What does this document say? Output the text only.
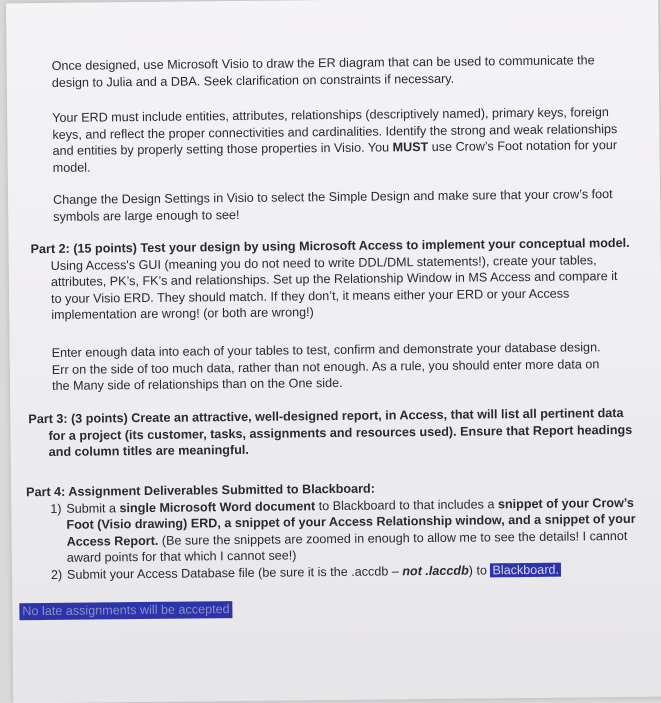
Once designed, use Microsoft Visio to draw the ER diagram that can be used to communicate the design to Julia and a DBA. Seek clarification on constraints if necessary.
Your ERD must include entities, attributes, relationships (descriptively named), primary keys, foreign keys, and reflect the proper connectivities and cardinalities. Identify the strong and weak relationships and entities by properly setting those properties in Visio. You MUST use Crow’s Foot notation for your model.
Change the Design Settings in Visio to select the Simple Design and make sure that your crow’s foot symbols are large enough to see!
Part 2: (15 points) Test your design by using Microsoft Access to implement your conceptual model.
Using Access's GUI (meaning you do not need to write DDL/DML statements!), create your tables, attributes, PK’s, FK’s and relationships. Set up the Relationship Window in MS Access and compare it to your Visio ERD. They should match. If they don’t, it means either your ERD or your Access implementation are wrong! (or both are wrong!)
Enter enough data into each of your tables to test, confirm and demonstrate your database design. Err on the side of too much data, rather than not enough. As a rule, you should enter more data on the Many side of relationships than on the One side.
Part 3: (3 points) Create an attractive, well-designed report, in Access, that will list all pertinent data
for a project (its customer, tasks, assignments and resources used). Ensure that Report headings and column titles are meaningful.
Part 4: Assignment Deliverables Submitted to Blackboard:
1) Submit a single Microsoft Word document to Blackboard to that includes a snippet of your Crow’s Foot (Visio drawing) ERD, a snippet of your Access Relationship window, and a snippet of your Access Report. (Be sure the snippets are zoomed in enough to allow me to see the details! I cannot award points for that which I cannot see!)
2) Submit your Access Database file (be sure it is the .accdb – not .laccdb) to Blackboard.
No late assignments will be accepted
